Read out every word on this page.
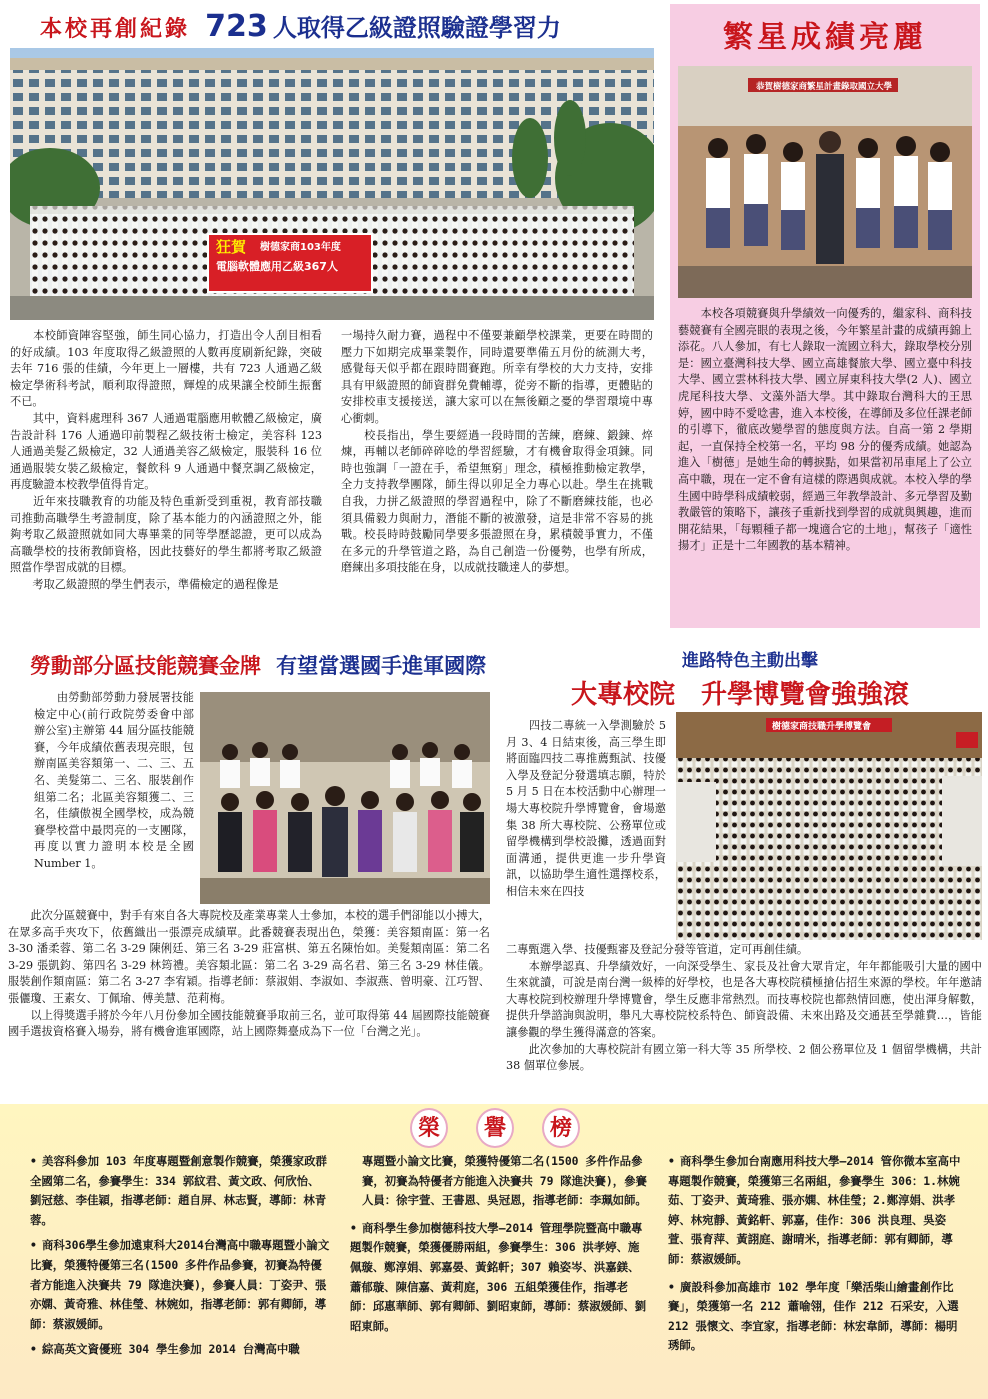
本校再創紀錄 723 人取得乙級證照驗證學習力
狂賀 樹德家商103年度
電腦軟體應用乙級367人
　　本校師資陣容堅強，師生同心協力，打造出令人刮目相看的好成績。103 年度取得乙級證照的人數再度刷新紀錄，突破去年 716 張的佳績，今年更上一層樓，共有 723 人通過乙級檢定學術科考試，順利取得證照，輝煌的成果讓全校師生振奮不已。
　　其中，資料處理科 367 人通過電腦應用軟體乙級檢定，廣告設計科 176 人通過印前製程乙級技術士檢定，美容科 123 人通過美髮乙級檢定，32 人通過美容乙級檢定，服裝科 16 位通過服裝女裝乙級檢定，餐飲科 9 人通過中餐烹調乙級檢定，再度驗證本校教學值得肯定。
　　近年來技職教育的功能及特色重新受到重視，教育部技職司推動高職學生考證制度，除了基本能力的內涵證照之外，能夠考取乙級證照就如同大專畢業的同等學歷認證，更可以成為高職學校的技術教師資格，因此技藝好的學生都將考取乙級證照當作學習成就的目標。
　　考取乙級證照的學生們表示，準備檢定的過程像是
一場持久耐力賽，過程中不僅要兼顧學校課業，更要在時間的壓力下如期完成畢業製作，同時還要準備五月份的統測大考，感覺每天似乎都在跟時間賽跑。所幸有學校的大力支持，安排具有甲級證照的師資群免費輔導，從旁不斷的指導，更體貼的安排校車支援接送，讓大家可以在無後顧之憂的學習環境中專心衝刺。
　　校長指出，學生要經過一段時間的苦練，磨練、鍛鍊、焠煉，再輔以老師碎碎唸的學習經驗，才有機會取得金項鍊。同時也強調「一證在手，希望無窮」理念，積極推動檢定教學，全力支持教學團隊，師生得以卯足全力專心以赴。學生在挑戰自我，力拼乙級證照的學習過程中，除了不斷磨練技能，也必須具備毅力與耐力，潛能不斷的被激發，這是非常不容易的挑戰。校長時時鼓勵同學要多張證照在身，累積競爭實力，不僅在多元的升學管道之路，為自己創造一份優勢，也學有所成，磨練出多項技能在身，以成就技職達人的夢想。
繁星成績亮麗
恭賀樹德家商繁星計畫錄取國立大學
　　本校各項競賽與升學績效一向優秀的，繼家科、商科技藝競賽有全國亮眼的表現之後，今年繁星計畫的成績再錦上添花。八人參加，有七人錄取一流國立科大，錄取學校分別是：國立臺灣科技大學、國立高雄餐旅大學、國立臺中科技大學、國立雲林科技大學、國立屏東科技大學(2 人)、國立虎尾科技大學、文藻外語大學。其中錄取台灣科大的王思婷，國中時不愛唸書，進入本校後，在導師及多位任課老師的引導下，徹底改變學習的態度與方法。自高一第 2 學期起，一直保持全校第一名，平均 98 分的優秀成績。她認為進入「樹德」是她生命的轉捩點，如果當初吊車尾上了公立高中職，現在一定不會有這樣的際遇與成就。本校入學的學生國中時學科成績較弱，經過三年教學設計、多元學習及勤教嚴管的策略下，讓孩子重新找到學習的成就與興趣，進而開花結果，「每顆種子都一塊適合它的土地」，幫孩子「適性揚才」正是十二年國教的基本精神。
勞動部分區技能競賽金牌 有望當選國手進軍國際
　　由勞動部勞動力發展署技能檢定中心(前行政院勞委會中部辦公室)主辦第 44 屆分區技能競賽，今年成績依舊表現亮眼，包辦南區美容類第一、二、三、五名、美髮第二、三名、服裝創作組第二名；北區美容類獲二、三名，佳績傲視全國學校，成為競賽學校當中最閃亮的一支團隊，再度以實力證明本校是全國 Number 1。
　　此次分區競賽中，對手有來自各大專院校及產業專業人士參加，本校的選手們卻能以小搏大，在眾多高手夾攻下，依舊織出一張漂亮成績單。此番競賽表現出色，榮獲：美容類南區：第一名 3-30 潘柔蓉、第二名 3-29 陳俐廷、第三名 3-29 莊富棋、第五名陳怡如。美髮類南區：第二名 3-29 張凱鈞、第四名 3-29 林筠禮。美容類北區：第二名 3-29 高名君、第三名 3-29 林佳儀。服裝創作類南區：第二名 3-27 李宥穎。指導老師：蔡淑娟、李淑如、李淑燕、曾明豪、江巧智、張儷瓊、王素女、丁佩瑜、傅美慧、范莉梅。
　　以上得獎選手將於今年八月份參加全國技能競賽爭取前三名，並可取得第 44 屆國際技能競賽國手選拔資格賽入場券，將有機會進軍國際，站上國際舞臺成為下一位「台灣之光」。
進路特色主動出擊
大專校院　升學博覽會強強滾
　　四技二專統一入學測驗於 5 月 3、4 日結束後，高三學生即將面臨四技二專推薦甄試、技優入學及登記分發選填志願，特於 5 月 5 日在本校活動中心辦理一場大專校院升學博覽會，會場邀集 38 所大專校院、公務單位或留學機構到學校設攤，透過面對面溝通，提供更進一步升學資訊，以協助學生適性選擇校系，相信未來在四技
樹德家商技職升學博覽會
二專甄選入學、技優甄審及登記分發等管道，定可再創佳績。
　　本辦學認真、升學績效好，一向深受學生、家長及社會大眾肯定，年年都能吸引大量的國中生來就讀，可說是南台灣一級棒的好學校，也是各大專校院積極搶佔招生來源的學校。年年邀請大專校院到校辦理升學博覽會，學生反應非常熱烈。而技專校院也都熱情回應，使出渾身解數，提供升學諮詢與說明，舉凡大專校院校系特色、師資設備、未來出路及交通甚至學雜費…，皆能讓參觀的學生獲得滿意的答案。
　　此次參加的大專校院計有國立第一科大等 35 所學校、2 個公務單位及 1 個留學機構，共計 38 個單位參展。
榮	譽	榜
• 美容科參加 103 年度專題暨創意製作競賽，榮獲家政群全國第二名，參賽學生：334 郭紋君、黃文政、何欣怡、劉冠慈、李佳穎，指導老師：趙自屏、林志賢，導師：林青蓉。
• 商科306學生參加遠東科大2014台灣高中職專題暨小論文比賽，榮獲特優第三名(1500 多件作品參賽，初賽為特優者方能進入決賽共 79 隊進決賽)，參賽人員：丁姿尹、張亦嫻、黃奇雅、林佳瑩、林婉如，指導老師：郭有卿師，導師：蔡淑媛師。
• 綜高英文資優班 304 學生參加 2014 台灣高中職
專題暨小論文比賽，榮獲特優第二名(1500 多件作品參賽，初賽為特優者方能進入決賽共 79 隊進決賽)，參賽人員：徐宇萱、王書恩、吳冠恩，指導老師：李珮如師。
• 商科學生參加樹德科技大學—2014 管理學院暨高中職專題製作競賽，榮獲優勝兩組，參賽學生：306 洪孝婷、施佩璇、鄭淳娟、郭嘉晏、黃銘軒；307 賴姿岑、洪嘉鎂、蕭郁璇、陳信嘉、黃莉庭，306 五組榮獲佳作，指導老師：邱惠華師、郭有卿師、劉昭東師，導師：蔡淑媛師、劉昭東師。
• 商科學生參加台南應用科技大學—2014 管你微本室高中專題製作競賽，榮獲第三名兩組，參賽學生 306：1.林婉茹、丁姿尹、黃琦雅、張亦嫻、林佳瑩；2.鄭淳娟、洪孝婷、林宛靜、黃銘軒、郭嘉，佳作：306 洪良理、吳姿萱、張育萍、黃詡庭、謝晴米，指導老師：郭有卿師，導師：蔡淑媛師。
• 廣設科參加高雄市 102 學年度「樂活柴山繪畫創作比賽」，榮獲第一名 212 蕭喻翎，佳作 212 石采安，入選 212 張懷文、李宜家，指導老師：林宏韋師，導師：楊明琇師。
